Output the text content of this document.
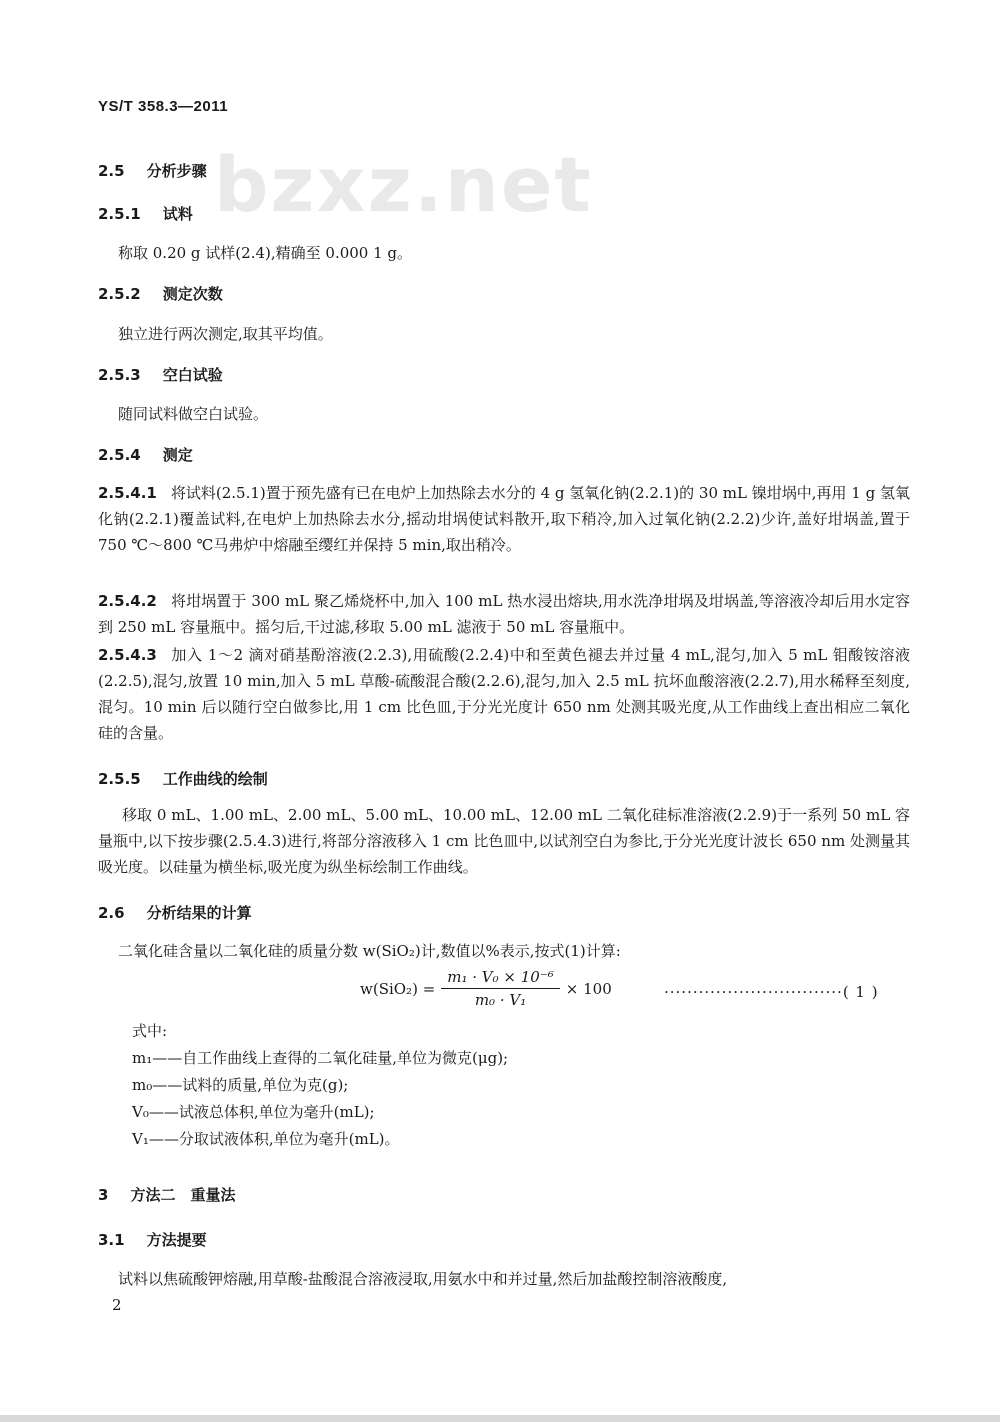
bzxz.net
YS/T 358.3—2011
2.5 分析步骤
2.5.1 试料
称取 0.20 g 试样(2.4),精确至 0.000 1 g。
2.5.2 测定次数
独立进行两次测定,取其平均值。
2.5.3 空白试验
随同试料做空白试验。
2.5.4 测定
2.5.4.1 将试料(2.5.1)置于预先盛有已在电炉上加热除去水分的 4 g 氢氧化钠(2.2.1)的 30 mL 镍坩埚中,再用 1 g 氢氧化钠(2.2.1)覆盖试料,在电炉上加热除去水分,摇动坩埚使试料散开,取下稍冷,加入过氧化钠(2.2.2)少许,盖好坩埚盖,置于 750 ℃～800 ℃马弗炉中熔融至缨红并保持 5 min,取出稍冷。
2.5.4.2 将坩埚置于 300 mL 聚乙烯烧杯中,加入 100 mL 热水浸出熔块,用水洗净坩埚及坩埚盖,等溶液冷却后用水定容到 250 mL 容量瓶中。摇匀后,干过滤,移取 5.00 mL 滤液于 50 mL 容量瓶中。
2.5.4.3 加入 1～2 滴对硝基酚溶液(2.2.3),用硫酸(2.2.4)中和至黄色褪去并过量 4 mL,混匀,加入 5 mL 钼酸铵溶液(2.2.5),混匀,放置 10 min,加入 5 mL 草酸-硫酸混合酸(2.2.6),混匀,加入 2.5 mL 抗坏血酸溶液(2.2.7),用水稀释至刻度,混匀。10 min 后以随行空白做参比,用 1 cm 比色皿,于分光光度计 650 nm 处测其吸光度,从工作曲线上查出相应二氧化硅的含量。
2.5.5 工作曲线的绘制
移取 0 mL、1.00 mL、2.00 mL、5.00 mL、10.00 mL、12.00 mL 二氧化硅标准溶液(2.2.9)于一系列 50 mL 容量瓶中,以下按步骤(2.5.4.3)进行,将部分溶液移入 1 cm 比色皿中,以试剂空白为参比,于分光光度计波长 650 nm 处测量其吸光度。以硅量为横坐标,吸光度为纵坐标绘制工作曲线。
2.6 分析结果的计算
二氧化硅含量以二氧化硅的质量分数 w(SiO₂)计,数值以%表示,按式(1)计算:
$w(SiO_2) = \frac{\text{m₁ · V₀ × 10⁻⁶}}{\text{m₀ · V₁}} \times 100$	·······························( 1 )
式中:
m₁——自工作曲线上查得的二氧化硅量,单位为微克(μg);
m₀——试料的质量,单位为克(g);
V₀——试液总体积,单位为毫升(mL);
V₁——分取试液体积,单位为毫升(mL)。
3 方法二　重量法
3.1 方法提要
试料以焦硫酸钾熔融,用草酸-盐酸混合溶液浸取,用氨水中和并过量,然后加盐酸控制溶液酸度,
2
